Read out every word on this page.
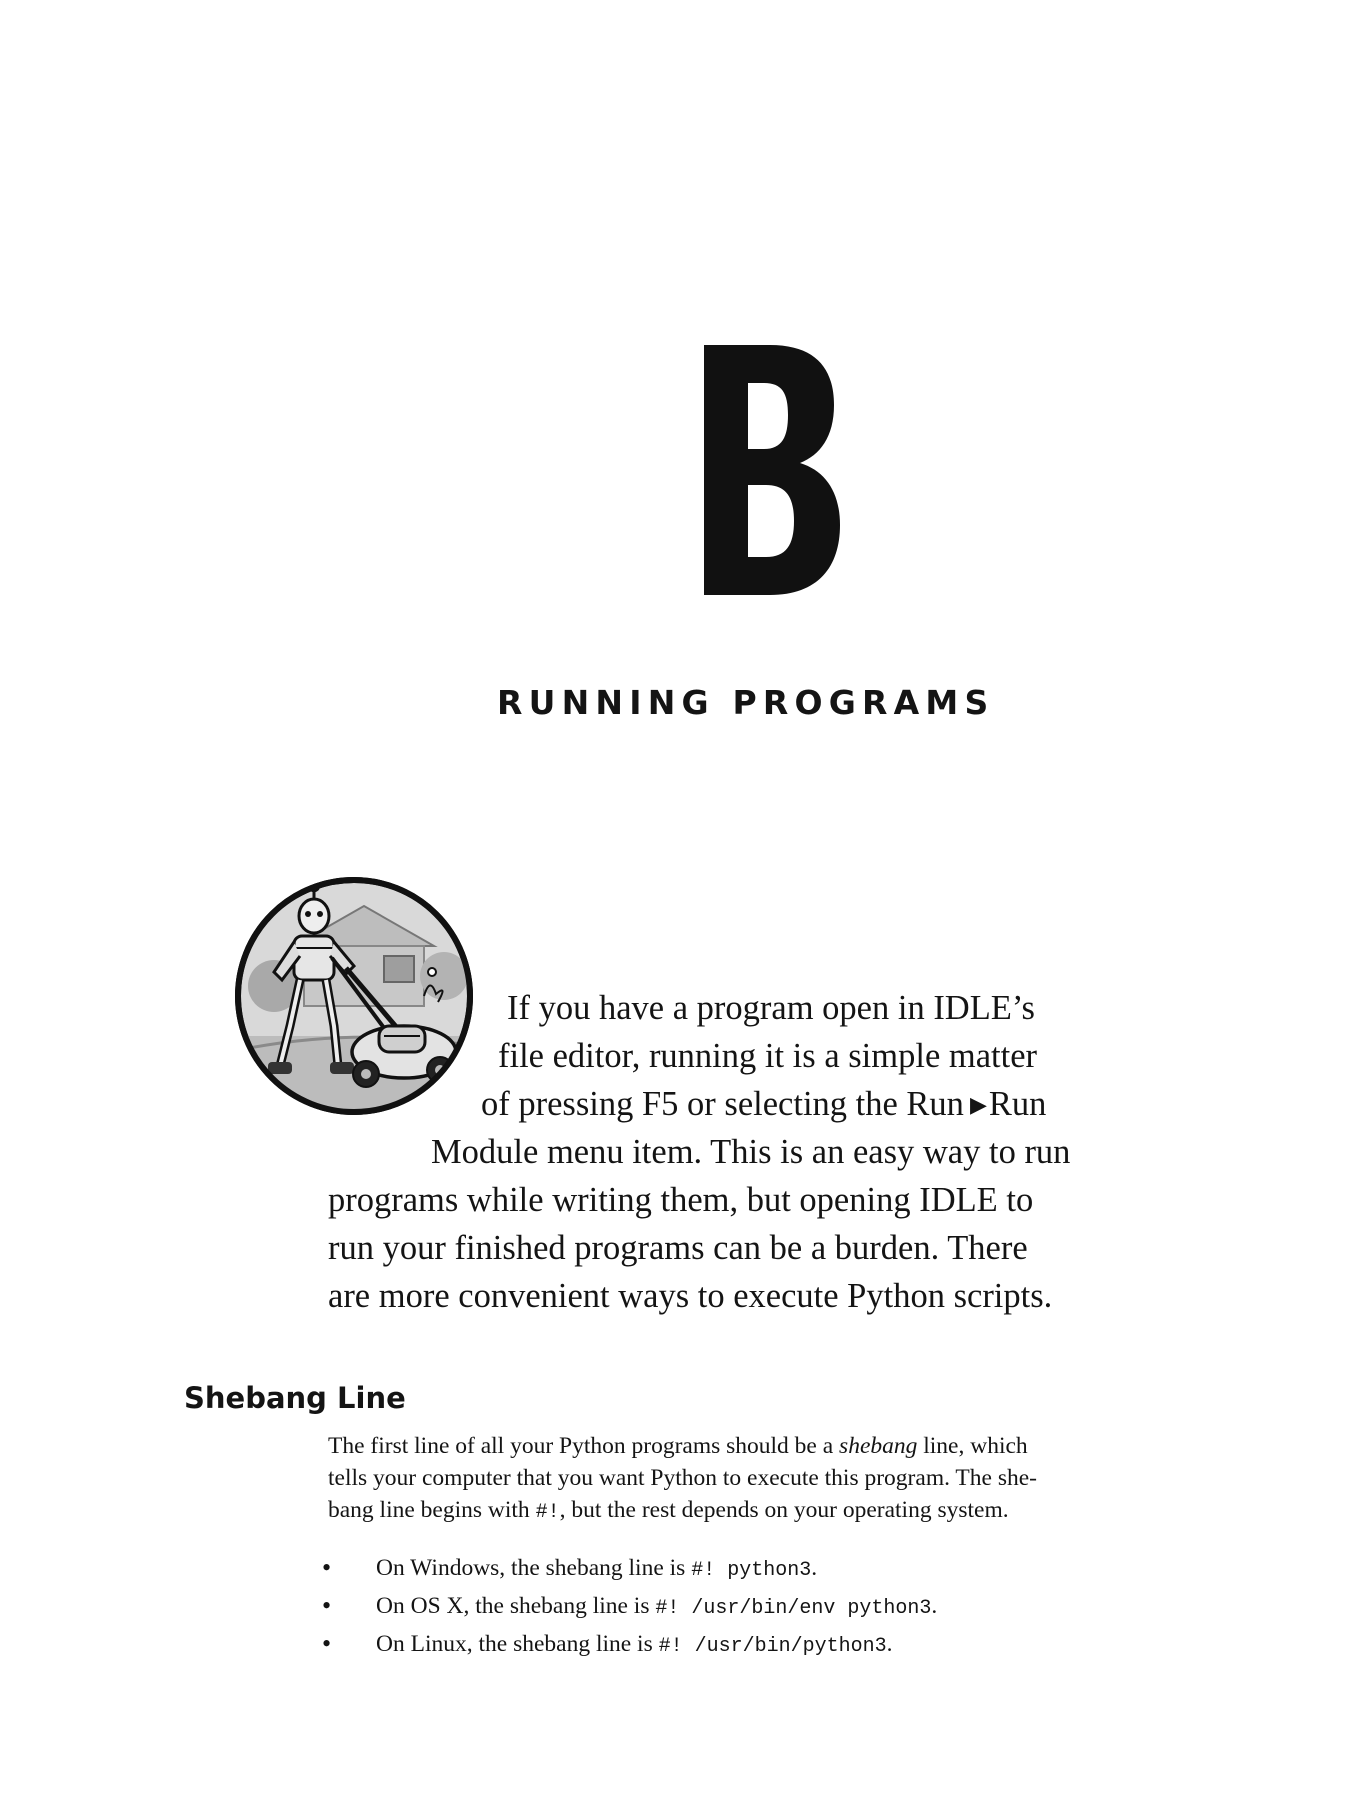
RUNNING PROGRAMS

If you have a program open in IDLE’s

file editor, running it is a simple matter

of pressing F5 or selecting the Run ▶Run

Module menu item. This is an easy way to run

programs while writing them, but opening IDLE to

run your finished programs can be a burden. There

are more convenient ways to execute Python scripts.

Shebang Line

The first line of all your Python programs should be a shebang line, which

tells your computer that you want Python to execute this program. The she-

bang line begins with #!, but the rest depends on your operating system.

• On Windows, the shebang line is #! python3.

• On OS X, the shebang line is #! /usr/bin/env python3.

• On Linux, the shebang line is #! /usr/bin/python3.
